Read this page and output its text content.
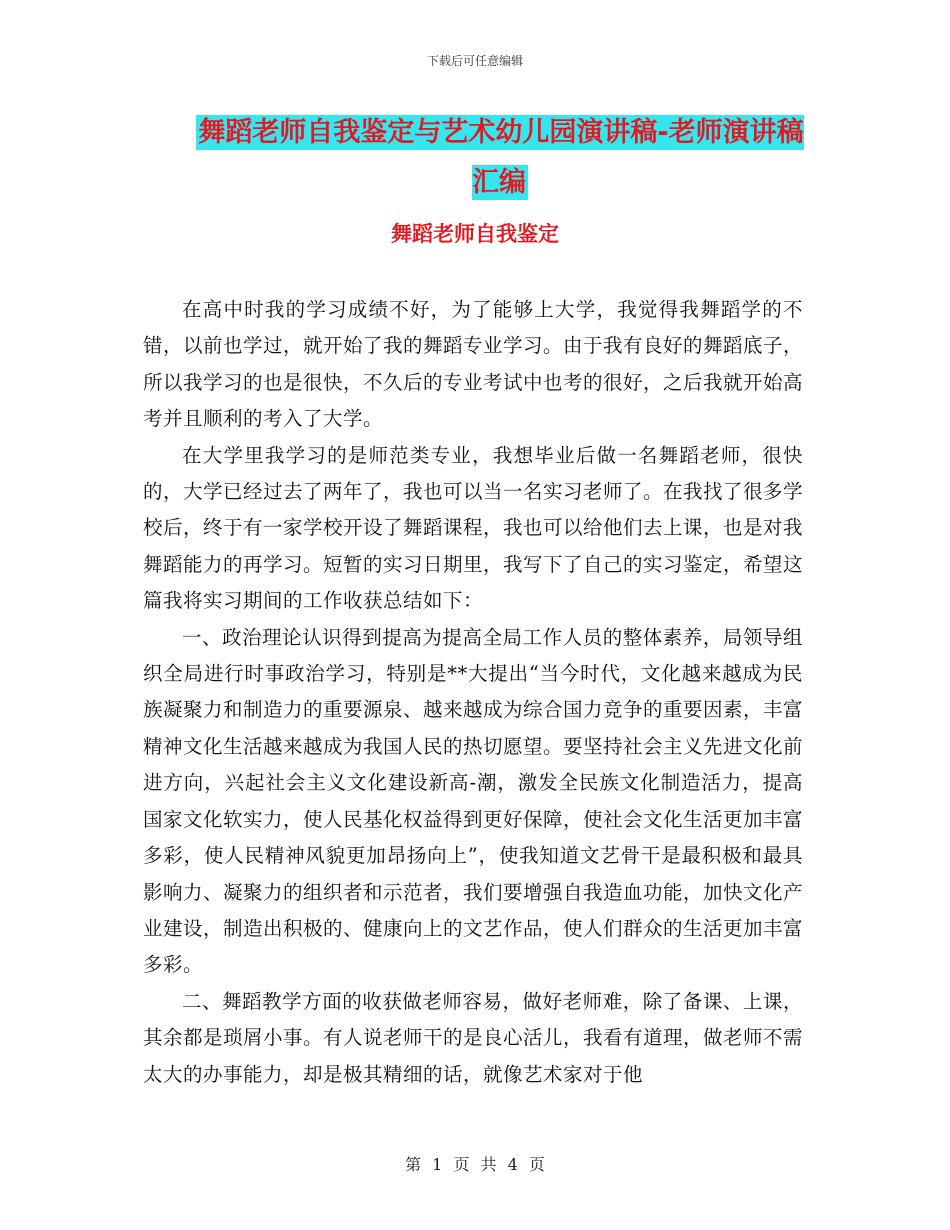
下载后可任意编辑
舞蹈老师自我鉴定与艺术幼儿园演讲稿-老师演讲稿汇编
舞蹈老师自我鉴定

在高中时我的学习成绩不好，为了能够上大学，我觉得我舞蹈学的不错，以前也学过，就开始了我的舞蹈专业学习。由于我有良好的舞蹈底子，所以我学习的也是很快，不久后的专业考试中也考的很好，之后我就开始高考并且顺利的考入了大学。

在大学里我学习的是师范类专业，我想毕业后做一名舞蹈老师，很快的，大学已经过去了两年了，我也可以当一名实习老师了。在我找了很多学校后，终于有一家学校开设了舞蹈课程，我也可以给他们去上课，也是对我舞蹈能力的再学习。短暂的实习日期里，我写下了自己的实习鉴定，希望这篇我将实习期间的工作收获总结如下：

一、政治理论认识得到提高为提高全局工作人员的整体素养，局领导组织全局进行时事政治学习，特别是**大提出“当今时代，文化越来越成为民族凝聚力和制造力的重要源泉、越来越成为综合国力竞争的重要因素，丰富精神文化生活越来越成为我国人民的热切愿望。要坚持社会主义先进文化前进方向，兴起社会主义文化建设新高-潮，激发全民族文化制造活力，提高国家文化软实力，使人民基化权益得到更好保障，使社会文化生活更加丰富多彩，使人民精神风貌更加昂扬向上”，使我知道文艺骨干是最积极和最具影响力、凝聚力的组织者和示范者，我们要增强自我造血功能，加快文化产业建设，制造出积极的、健康向上的文艺作品，使人们群众的生活更加丰富多彩。

二、舞蹈教学方面的收获做老师容易，做好老师难，除了备课、上课，其余都是琐屑小事。有人说老师干的是良心活儿，我看有道理，做老师不需太大的办事能力，却是极其精细的话，就像艺术家对于他

第 1 页 共 4 页
